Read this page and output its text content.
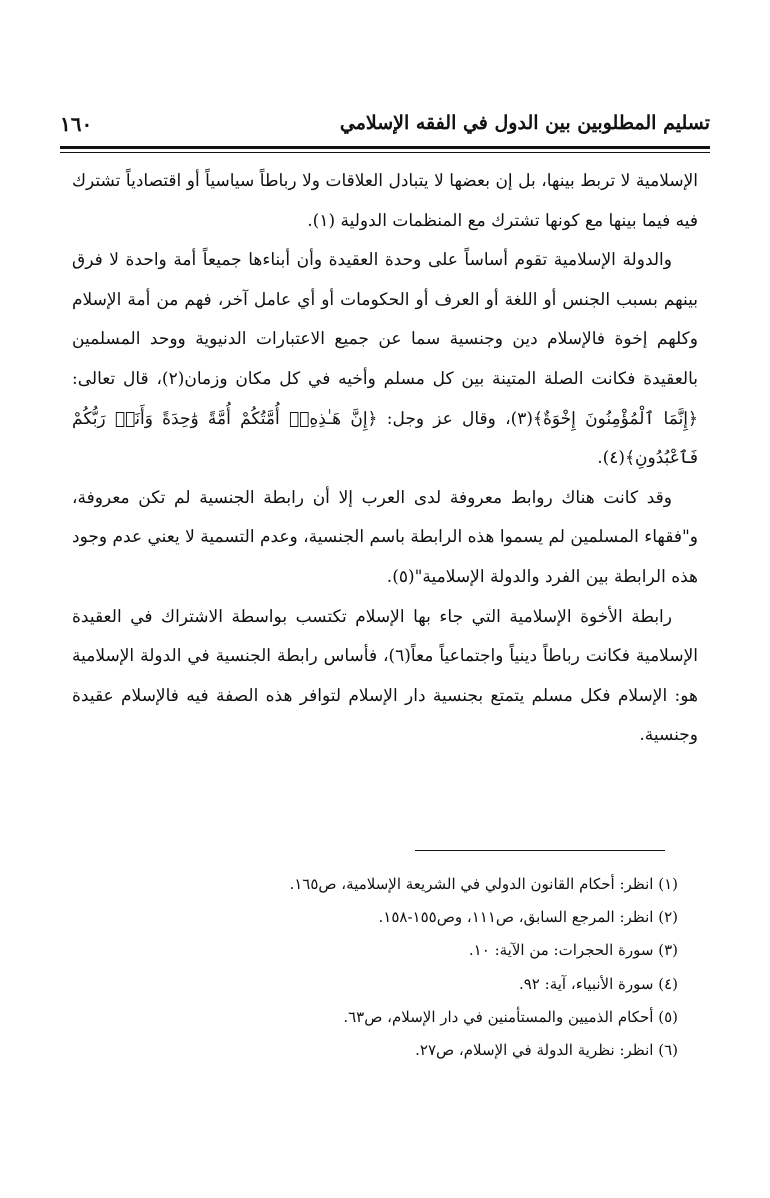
تسليم المطلوبين بين الدول في الفقه الإسلامي
١٦٠

الإسلامية لا تربط بينها، بل إن بعضها لا يتبادل العلاقات ولا رباطاً سياسياً أو اقتصادياً تشترك فيه فيما بينها مع كونها تشترك مع المنظمات الدولية (١).

والدولة الإسلامية تقوم أساساً على وحدة العقيدة وأن أبناءها جميعاً أمة واحدة لا فرق بينهم بسبب الجنس أو اللغة أو العرف أو الحكومات أو أي عامل آخر، فهم من أمة الإسلام وكلهم إخوة فالإسلام دين وجنسية سما عن جميع الاعتبارات الدنيوية ووحد المسلمين بالعقيدة فكانت الصلة المتينة بين كل مسلم وأخيه في كل مكان وزمان(٢)، قال تعالى: ﴿إِنَّمَا ٱلْمُؤْمِنُونَ إِخْوَةٌ﴾(٣)، وقال عز وجل: ﴿إِنَّ هَـٰذِهِۦٓ أُمَّتُكُمْ أُمَّةً وَٰحِدَةً وَأَنَا۠ رَبُّكُمْ فَٱعْبُدُونِ﴾(٤).

وقد كانت هناك روابط معروفة لدى العرب إلا أن رابطة الجنسية لم تكن معروفة، و"فقهاء المسلمين لم يسموا هذه الرابطة باسم الجنسية، وعدم التسمية لا يعني عدم وجود هذه الرابطة بين الفرد والدولة الإسلامية"(٥).

رابطة الأخوة الإسلامية التي جاء بها الإسلام تكتسب بواسطة الاشتراك في العقيدة الإسلامية فكانت رباطاً دينياً واجتماعياً معاً(٦)، فأساس رابطة الجنسية في الدولة الإسلامية هو: الإسلام فكل مسلم يتمتع بجنسية دار الإسلام لتوافر هذه الصفة فيه فالإسلام عقيدة وجنسية.

(١) انظر: أحكام القانون الدولي في الشريعة الإسلامية، ص١٦٥.
(٢) انظر: المرجع السابق، ص١١١، وص١٥٥-١٥٨.
(٣) سورة الحجرات: من الآية: ١٠.
(٤) سورة الأنبياء، آية: ٩٢.
(٥) أحكام الذميين والمستأمنين في دار الإسلام، ص٦٣.
(٦) انظر: نظرية الدولة في الإسلام، ص٢٧.
